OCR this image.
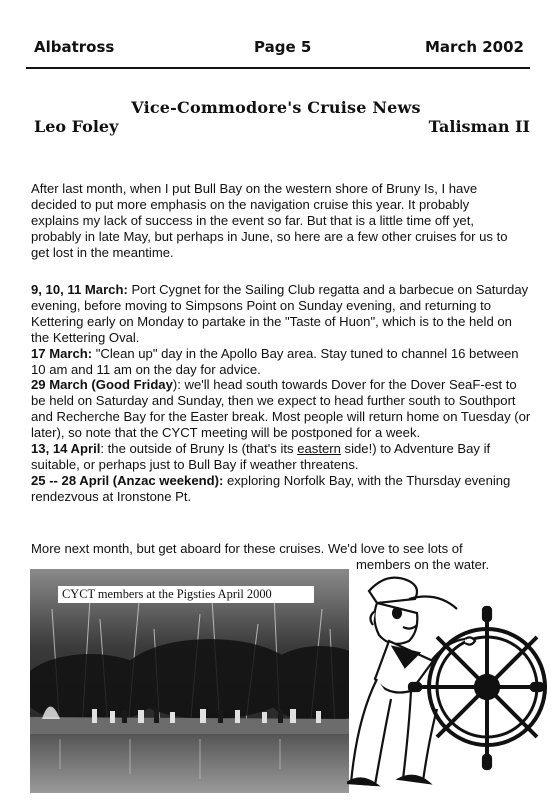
Albatross	Page 5	March 2002
Vice-Commodore's Cruise News
Leo Foley	Talisman II
After last month, when I put Bull Bay on the western shore of Bruny Is, I have decided to put more emphasis on the navigation cruise this year. It probably explains my lack of success in the event so far. But that is a little time off yet, probably in late May, but perhaps in June, so here are a few other cruises for us to get lost in the meantime.

9, 10, 11 March: Port Cygnet for the Sailing Club regatta and a barbecue on Saturday evening, before moving to Simpsons Point on Sunday evening, and returning to Kettering early on Monday to partake in the "Taste of Huon", which is to the held on the Kettering Oval.

17 March: "Clean up" day in the Apollo Bay area. Stay tuned to channel 16 between 10 am and 11 am on the day for advice.

29 March (Good Friday): we'll head south towards Dover for the Dover SeaF-est to be held on Saturday and Sunday, then we expect to head further south to Southport and Recherche Bay for the Easter break. Most people will return home on Tuesday (or later), so note that the CYCT meeting will be postponed for a week.

13, 14 April: the outside of Bruny Is (that's its eastern side!) to Adventure Bay if suitable, or perhaps just to Bull Bay if weather threatens.

25 -- 28 April (Anzac weekend): exploring Norfolk Bay, with the Thursday evening rendezvous at Ironstone Pt.

More next month, but get aboard for these cruises. We'd love to see lots of
members on the water.
CYCT members at the Pigsties April 2000
